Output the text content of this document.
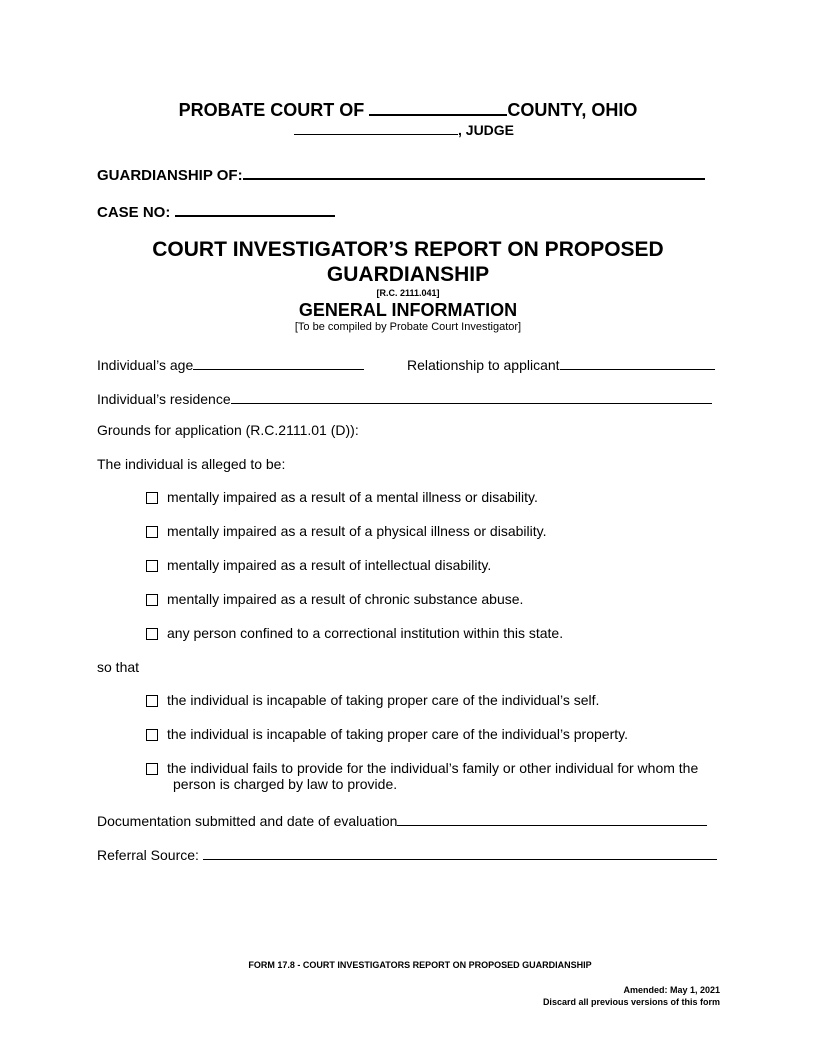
PROBATE COURT OF	COUNTY, OHIO
, JUDGE
GUARDIANSHIP OF:
CASE NO:
COURT INVESTIGATOR’S REPORT ON PROPOSED
GUARDIANSHIP
[R.C. 2111.041]
GENERAL INFORMATION
[To be compiled by Probate Court Investigator]
Individual’s age	Relationship to applicant
Individual’s residence
Grounds for application (R.C.2111.01 (D)):
The individual is alleged to be:
mentally impaired as a result of a mental illness or disability.
mentally impaired as a result of a physical illness or disability.
mentally impaired as a result of intellectual disability.
mentally impaired as a result of chronic substance abuse.
any person confined to a correctional institution within this state.
so that
the individual is incapable of taking proper care of the individual’s self.
the individual is incapable of taking proper care of the individual’s property.
the individual fails to provide for the individual’s family or other individual for whom the
person is charged by law to provide.
Documentation submitted and date of evaluation
Referral Source:
FORM 17.8 - COURT INVESTIGATORS REPORT ON PROPOSED GUARDIANSHIP
Amended: May 1, 2021
Discard all previous versions of this form
